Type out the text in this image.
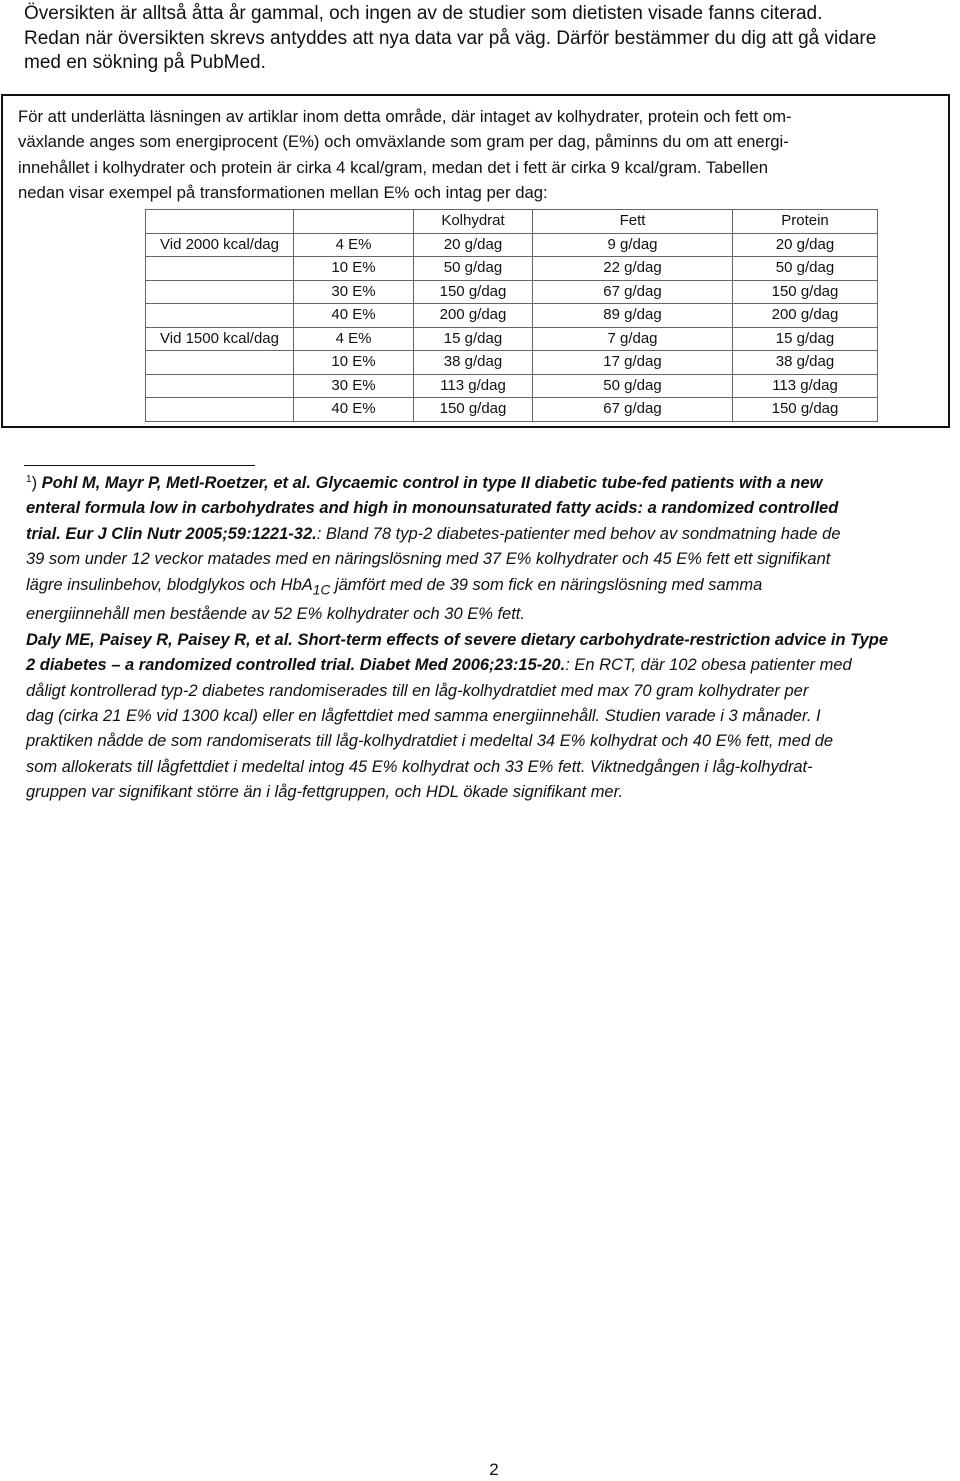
Översikten är alltså åtta år gammal, och ingen av de studier som dietisten visade fanns citerad.

Redan när översikten skrevs antyddes att nya data var på väg. Därför bestämmer du dig att gå vidare

med en sökning på PubMed.

För att underlätta läsningen av artiklar inom detta område, där intaget av kolhydrater, protein och fett om-

växlande anges som energiprocent (E%) och omväxlande som gram per dag, påminns du om att energi-

innehållet i kolhydrater och protein är cirka 4 kcal/gram, medan det i fett är cirka 9 kcal/gram. Tabellen

nedan visar exempel på transformationen mellan E% och intag per dag:

		Kolhydrat	Fett	Protein
Vid 2000 kcal/dag	4 E%	20 g/dag	9 g/dag	20 g/dag
	10 E%	50 g/dag	22 g/dag	50 g/dag
	30 E%	150 g/dag	67 g/dag	150 g/dag
	40 E%	200 g/dag	89 g/dag	200 g/dag
Vid 1500 kcal/dag	4 E%	15 g/dag	7 g/dag	15 g/dag
	10 E%	38 g/dag	17 g/dag	38 g/dag
	30 E%	113 g/dag	50 g/dag	113 g/dag
	40 E%	150 g/dag	67 g/dag	150 g/dag

$^1$) Pohl M, Mayr P, Metl-Roetzer, et al. Glycaemic control in type II diabetic tube-fed patients with a new

enteral formula low in carbohydrates and high in monounsaturated fatty acids: a randomized controlled

trial. Eur J Clin Nutr 2005;59:1221-32.: Bland 78 typ-2 diabetes-patienter med behov av sondmatning hade de

39 som under 12 veckor matades med en näringslösning med 37 E% kolhydrater och 45 E% fett ett signifikant

lägre insulinbehov, blodglykos och HbA$_{1C}$ jämfört med de 39 som fick en näringslösning med samma

energiinnehåll men bestående av 52 E% kolhydrater och 30 E% fett.

Daly ME, Paisey R, Paisey R, et al. Short-term effects of severe dietary carbohydrate-restriction advice in Type

2 diabetes – a randomized controlled trial. Diabet Med 2006;23:15-20.: En RCT, där 102 obesa patienter med

dåligt kontrollerad typ-2 diabetes randomiserades till en låg-kolhydratdiet med max 70 gram kolhydrater per

dag (cirka 21 E% vid 1300 kcal) eller en lågfettdiet med samma energiinnehåll. Studien varade i 3 månader. I

praktiken nådde de som randomiserats till låg-kolhydratdiet i medeltal 34 E% kolhydrat och 40 E% fett, med de

som allokerats till lågfettdiet i medeltal intog 45 E% kolhydrat och 33 E% fett. Viktnedgången i låg-kolhydrat-

gruppen var signifikant större än i låg-fettgruppen, och HDL ökade signifikant mer.

2
